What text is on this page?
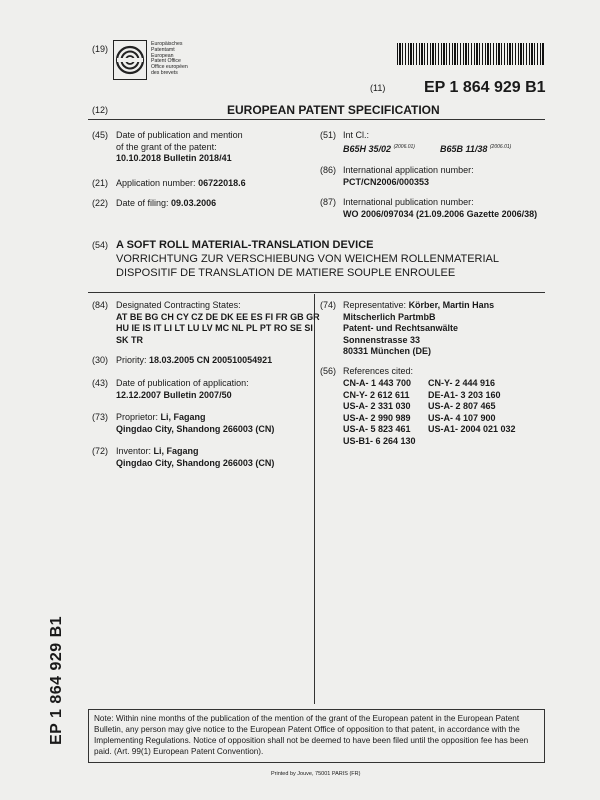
(19)	Europäisches
Patentamt
European
Patent Office
Office européen
des brevets
(11) EP 1 864 929 B1
(12)	EUROPEAN PATENT SPECIFICATION
(45) Date of publication and mention
of the grant of the patent:
10.10.2018 Bulletin 2018/41
(21) Application number: 06722018.6
(22) Date of filing: 09.03.2006
(51) Int Cl.:
B65H 35/02 $^{(2006.01)}$	B65B 11/38 $^{(2006.01)}$
(86) International application number:
PCT/CN2006/000353
(87) International publication number:
WO 2006/097034 (21.09.2006 Gazette 2006/38)
(54) A SOFT ROLL MATERIAL-TRANSLATION DEVICE
VORRICHTUNG ZUR VERSCHIEBUNG VON WEICHEM ROLLENMATERIAL
DISPOSITIF DE TRANSLATION DE MATIERE SOUPLE ENROULEE
(84) Designated Contracting States:
AT BE BG CH CY CZ DE DK EE ES FI FR GB GR
HU IE IS IT LI LT LU LV MC NL PL PT RO SE SI
SK TR
(30) Priority: 18.03.2005 CN 200510054921
(43) Date of publication of application:
12.12.2007 Bulletin 2007/50
(73) Proprietor: Li, Fagang
Qingdao City, Shandong 266003 (CN)
(72) Inventor: Li, Fagang
Qingdao City, Shandong 266003 (CN)
(74) Representative: Körber, Martin Hans
Mitscherlich PartmbB
Patent- und Rechtsanwälte
Sonnenstrasse 33
80331 München (DE)
(56) References cited:
CN-A- 1 443 700	CN-Y- 2 444 916
CN-Y- 2 612 611	DE-A1- 3 203 160
US-A- 2 331 030	US-A- 2 807 465
US-A- 2 990 989	US-A- 4 107 900
US-A- 5 823 461	US-A1- 2004 021 032
US-B1- 6 264 130
EP 1 864 929 B1	Note: Within nine months of the publication of the mention of the grant of the European patent in the European Patent Bulletin, any person may give notice to the European Patent Office of opposition to that patent, in accordance with the Implementing Regulations. Notice of opposition shall not be deemed to have been filed until the opposition fee has been paid. (Art. 99(1) European Patent Convention).
Printed by Jouve, 75001 PARIS (FR)
